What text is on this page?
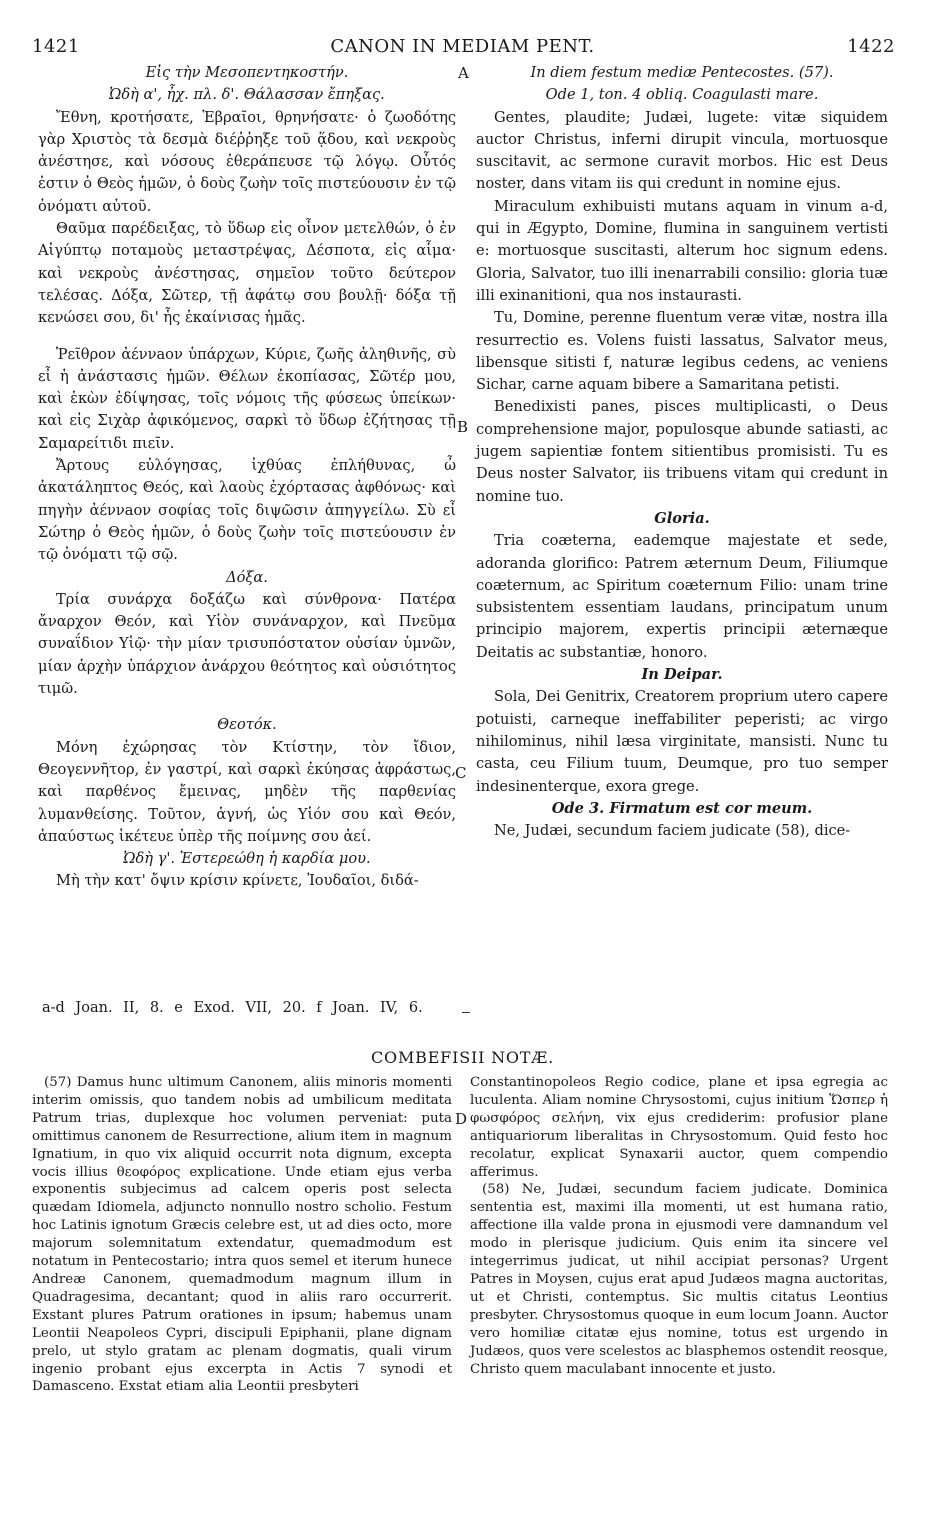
1421	CANON IN MEDIAM PENT.	1422
A
B
C
D

Εἰς τὴν Μεσοπεντηκοστήν.

Ὠδὴ α', ἦχ. πλ. δ'. Θάλασσαν ἔπηξας.

Ἔθνη, κροτήσατε, Ἑβραῖοι, θρηνήσατε· ὁ ζωοδότης γὰρ Χριστὸς τὰ δεσμὰ διέῤῥηξε τοῦ ᾅδου, καὶ νεκροὺς ἀνέστησε, καὶ νόσους ἐθεράπευσε τῷ λόγῳ. Οὗτός ἐστιν ὁ Θεὸς ἡμῶν, ὁ δοὺς ζωὴν τοῖς πιστεύουσιν ἐν τῷ ὀνόματι αὐτοῦ.

Θαῦμα παρέδειξας, τὸ ὕδωρ εἰς οἶνον μετελθών, ὁ ἐν Αἰγύπτῳ ποταμοὺς μεταστρέψας, Δέσποτα, εἰς αἷμα· καὶ νεκροὺς ἀνέστησας, σημεῖον τοῦτο δεύτερον τελέσας. Δόξα, Σῶτερ, τῇ ἀφάτῳ σου βουλῇ· δόξα τῇ κενώσει σου, δι' ἧς ἐκαίνισας ἡμᾶς.

Ῥεῖθρον ἀέννaον ὑπάρχων, Κύριε, ζωῆς ἀληθινῆς, σὺ εἶ ἡ ἀνάστασις ἡμῶν. Θέλων ἐκοπίασας, Σῶτέρ μου, καὶ ἑκὼν ἐδίψησας, τοῖς νόμοις τῆς φύσεως ὑπείκων· καὶ εἰς Σιχὰρ ἀφικόμενος, σαρκὶ τὸ ὕδωρ ἐζήτησας τῇ Σαμαρείτιδι πιεῖν.

Ἄρτους εὐλόγησας, ἰχθύας ἐπλήθυνας, ὦ ἀκατάληπτος Θεός, καὶ λαοὺς ἐχόρτασας ἀφθόνως· καὶ πηγὴν ἀέννaον σοφίας τοῖς διψῶσιν ἀπηγγείλω. Σὺ εἶ Σώτηρ ὁ Θεὸς ἡμῶν, ὁ δοὺς ζωὴν τοῖς πιστεύουσιν ἐν τῷ ὀνόματι τῷ σῷ.

Δόξα.

Τρία συνάρχα δοξάζω καὶ σύνθρονα· Πατέρα ἄναρχον Θεόν, καὶ Υἱὸν συνάναρχον, καὶ Πνεῦμα συναΐδιον Υἱῷ· τὴν μίαν τρισυπόστατον οὐσίαν ὑμνῶν, μίαν ἀρχὴν ὑπάρχιον ἀνάρχου θεότητος καὶ οὐσιότητος τιμῶ.

Θεοτόκ.

Μόνη ἐχώρησας τὸν Κτίστην, τὸν ἴδιον, Θεογεννῆτορ, ἐν γαστρί, καὶ σαρκὶ ἐκύησας ἀφράστως, καὶ παρθένος ἔμεινας, μηδὲν τῆς παρθενίας λυμανθείσης. Τοῦτον, ἁγνή, ὡς Υἱόν σου καὶ Θεόν, ἀπαύστως ἱκέτευε ὑπὲρ τῆς ποίμνης σου ἀεί.

Ὠδὴ γ'. Ἐστερεώθη ἡ καρδία μου.

Μὴ τὴν κατ' ὄψιν κρίσιν κρίνετε, Ἰουδαῖοι, διδά-

In diem festum mediæ Pentecostes. (57).

Ode 1, ton. 4 obliq. Coagulasti mare.

Gentes, plaudite; Judæi, lugete: vitæ siquidem auctor Christus, inferni dirupit vincula, mortuosque suscitavit, ac sermone curavit morbos. Hic est Deus noster, dans vitam iis qui credunt in nomine ejus.

Miraculum exhibuisti mutans aquam in vinum a-d, qui in Ægypto, Domine, flumina in sanguinem vertisti e: mortuosque suscitasti, alterum hoc signum edens. Gloria, Salvator, tuo illi inenarrabili consilio: gloria tuæ illi exinanitioni, qua nos instaurasti.

Tu, Domine, perenne fluentum veræ vitæ, nostra illa resurrectio es. Volens fuisti lassatus, Salvator meus, libensque sitisti f, naturæ legibus cedens, ac veniens Sichar, carne aquam bibere a Samaritana petisti.

Benedixisti panes, pisces multiplicasti, o Deus comprehensione major, populosque abunde satiasti, ac jugem sapientiæ fontem sitientibus promisisti. Tu es Deus noster Salvator, iis tribuens vitam qui credunt in nomine tuo.

Gloria.

Tria coæterna, eademque majestate et sede, adoranda glorifico: Patrem æternum Deum, Filiumque coæternum, ac Spiritum coæternum Filio: unam trine subsistentem essentiam laudans, principatum unum principio majorem, expertis principii æternæque Deitatis ac substantiæ, honoro.

In Deipar.

Sola, Dei Genitrix, Creatorem proprium utero capere potuisti, carneque ineffabiliter peperisti; ac virgo nihilominus, nihil læsa virginitate, mansisti. Nunc tu casta, ceu Filium tuum, Deumque, pro tuo semper indesinenterque, exora grege.

Ode 3. Firmatum est cor meum.

Ne, Judæi, secundum faciem judicate (58), dice-

a-d Joan. II, 8. e Exod. VII, 20. f Joan. IV, 6.
COMBEFISII NOTÆ.

(57) Damus hunc ultimum Canonem, aliis minoris momenti interim omissis, quo tandem nobis ad umbilicum meditata Patrum trias, duplexque hoc volumen perveniat: puta omittimus canonem de Resurrectione, alium item in magnum Ignatium, in quo vix aliquid occurrit nota dignum, excepta vocis illius θεοφόρος explicatione. Unde etiam ejus verba exponentis subjecimus ad calcem operis post selecta quædam Idiomela, adjuncto nonnullo nostro scholio. Festum hoc Latinis ignotum Græcis celebre est, ut ad dies octo, more majorum solemnitatum extendatur, quemadmodum est notatum in Pentecostario; intra quos semel et iterum hunece Andreæ Canonem, quemadmodum magnum illum in Quadragesima, decantant; quod in aliis raro occurrerit. Exstant plures Patrum orationes in ipsum; habemus unam Leontii Neapoleos Cypri, discipuli Epiphanii, plane dignam prelo, ut stylo gratam ac plenam dogmatis, quali virum ingenio probant ejus excerpta in Actis 7 synodi et Damasceno. Exstat etiam alia Leontii presbyteri

Constantinopoleos Regio codice, plane et ipsa egregia ac luculenta. Aliam nomine Chrysostomi, cujus initium Ὥσπερ ἡ φωσφόρος σελήνη, vix ejus crediderim: profusior plane antiquariorum liberalitas in Chrysostomum. Quid festo hoc recolatur, explicat Synaxarii auctor, quem compendio afferimus.

(58) Ne, Judæi, secundum faciem judicate. Dominica sententia est, maximi illa momenti, ut est humana ratio, affectione illa valde prona in ejusmodi vere damnandum vel modo in plerisque judicium. Quis enim ita sincere vel integerrimus judicat, ut nihil accipiat personas? Urgent Patres in Moysen, cujus erat apud Judæos magna auctoritas, ut et Christi, contemptus. Sic multis citatus Leontius presbyter. Chrysostomus quoque in eum locum Joann. Auctor vero homiliæ citatæ ejus nomine, totus est urgendo in Judæos, quos vere scelestos ac blasphemos ostendit reosque, Christo quem maculabant innocente et justo.
